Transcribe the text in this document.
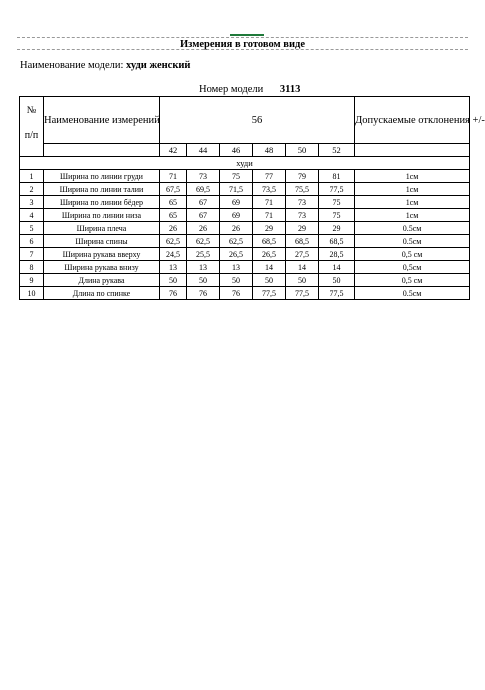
Измерения в готовом виде
Наименование модели: худи женский
Номер модели 3113
№
п/п	Наименование измерений	56						Допускаемые отклонения +/-
		42	44	46	48	50	52	
худи								
1	Ширина по линии груди	71	73	75	77	79	81	1см
2	Ширина по линии талии	67,5	69,5	71,5	73,5	75,5	77,5	1см
3	Ширина по линии бёдер	65	67	69	71	73	75	1см
4	Ширина по линии низа	65	67	69	71	73	75	1см
5	Ширина плеча	26	26	26	29	29	29	0.5см
6	Ширина спины	62,5	62,5	62,5	68,5	68,5	68,5	0.5см
7	Ширина рукава вверху	24,5	25,5	26,5	26,5	27,5	28,5	0,5 см
8	Ширина рукава внизу	13	13	13	14	14	14	0,5см
9	Длина рукава	50	50	50	50	50	50	0,5 см
10	Длина по спинке	76	76	76	77,5	77,5	77,5	0.5см
